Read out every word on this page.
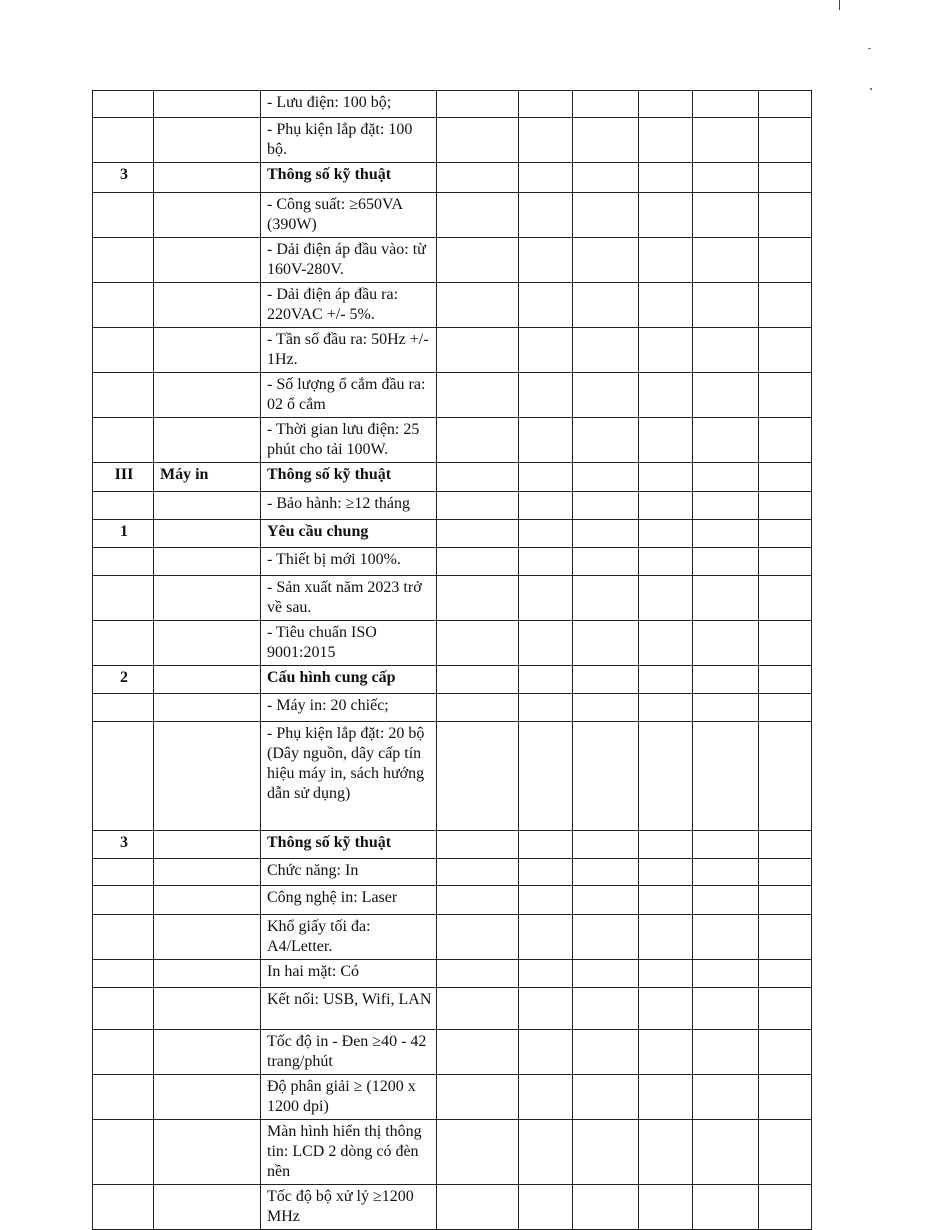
		- Lưu điện: 100 bộ;						
		- Phụ kiện lắp đặt: 100 bộ.						
3		Thông số kỹ thuật						
		- Công suất: ≥650VA (390W)						
		- Dải điện áp đầu vào: từ 160V-280V.						
		- Dải điện áp đầu ra: 220VAC +/- 5%.						
		- Tần số đầu ra: 50Hz +/- 1Hz.						
		- Số lượng ổ cắm đầu ra: 02 ổ cắm						
		- Thời gian lưu điện: 25 phút cho tải 100W.						
III	Máy in	Thông số kỹ thuật						
		- Bảo hành: ≥12 tháng						
1		Yêu cầu chung						
		- Thiết bị mới 100%.						
		- Sản xuất năm 2023 trở về sau.						
		- Tiêu chuẩn ISO 9001:2015						
2		Cấu hình cung cấp						
		- Máy in: 20 chiếc;						
		- Phụ kiện lắp đặt: 20 bộ (Dây nguồn, dây cấp tín hiệu máy in, sách hướng dẫn sử dụng)						
3		Thông số kỹ thuật						
		Chức năng: In						
		Công nghệ in: Laser						
		Khổ giấy tối đa: A4/Letter.						
		In hai mặt: Có						
		Kết nối: USB, Wifi, LAN						
		Tốc độ in - Đen ≥40 - 42 trang/phút						
		Độ phân giải ≥ (1200 x 1200 dpi)						
		Màn hình hiển thị thông tin: LCD 2 dòng có đèn nền						
		Tốc độ bộ xử lý ≥1200 MHz						
